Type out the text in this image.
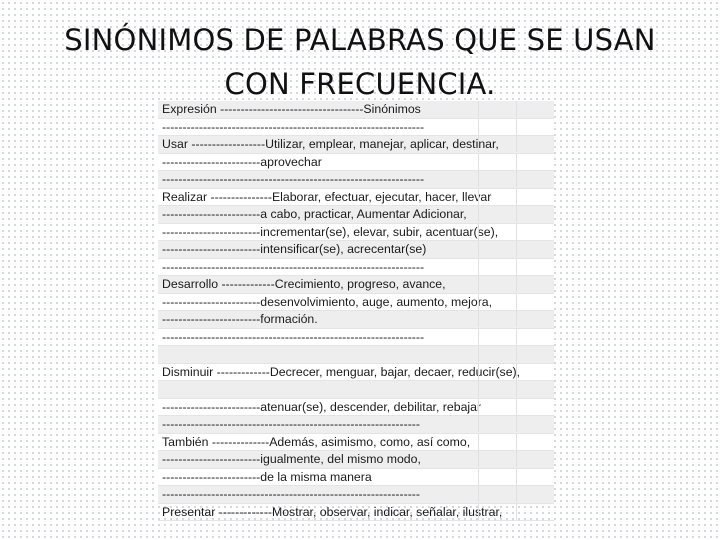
SINÓNIMOS DE PALABRAS QUE SE USAN
CON FRECUENCIA.
Expresión -----------------------------------Sinónimos
----------------------------------------------------------------
Usar ------------------Utilizar, emplear, manejar, aplicar, destinar,
------------------------aprovechar
----------------------------------------------------------------
Realizar ---------------Elaborar, efectuar, ejecutar, hacer, llevar
------------------------a cabo, practicar, Aumentar Adicionar,
------------------------incrementar(se), elevar, subir, acentuar(se),
------------------------intensificar(se), acrecentar(se)
----------------------------------------------------------------
Desarrollo -------------Crecimiento, progreso, avance,
------------------------desenvolvimiento, auge, aumento, mejora,
------------------------formación.
----------------------------------------------------------------
Disminuir -------------Decrecer, menguar, bajar, decaer, reducir(se),
------------------------atenuar(se), descender, debilitar, rebajar
---------------------------------------------------------------
También --------------Además, asimismo, como, así como,
------------------------igualmente, del mismo modo,
------------------------de la misma manera
---------------------------------------------------------------
Presentar -------------Mostrar, observar, indicar, señalar, ilustrar,
